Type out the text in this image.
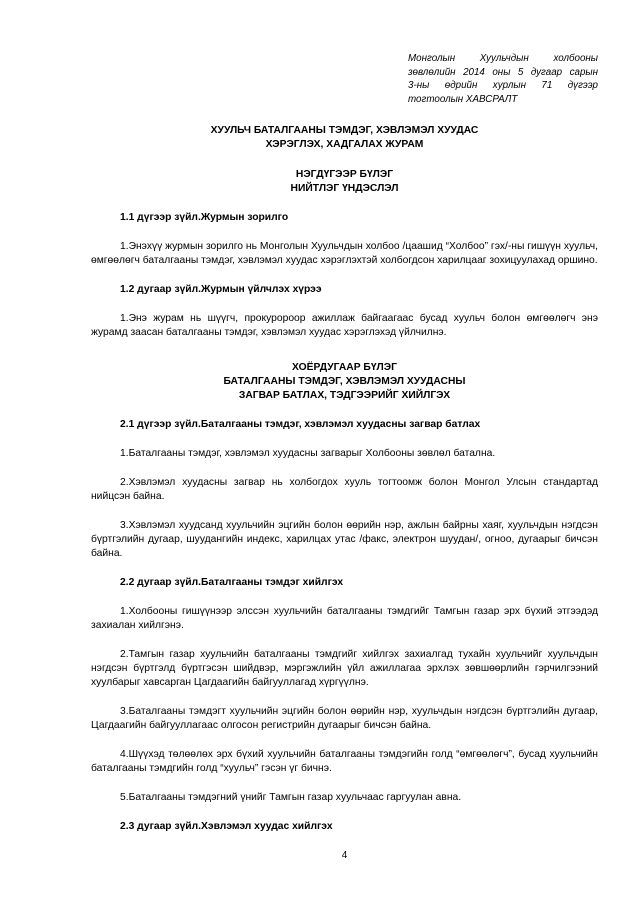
Монголын Хуульчдын холбооны
зөвлөлийн 2014 оны 5 дугаар сарын
3-ны өдрийн хурлын 71 дүгээр
тогтоолын ХАВСРАЛТ
ХУУЛЬЧ БАТАЛГААНЫ ТЭМДЭГ, ХЭВЛЭМЭЛ ХУУДАС
ХЭРЭГЛЭХ, ХАДГАЛАХ ЖУРАМ
НЭГДҮГЭЭР БҮЛЭГ
НИЙТЛЭГ ҮНДЭСЛЭЛ
1.1 дүгээр зүйл.Журмын зорилго
1.Энэхүү журмын зорилго нь Монголын Хуульчдын холбоо /цаашид “Холбоо” гэх/-ны гишүүн хуульч, өмгөөлөгч баталгааны тэмдэг, хэвлэмэл хуудас хэрэглэхтэй холбогдсон харилцааг зохицуулахад оршино.
1.2 дугаар зүйл.Журмын үйлчлэх хүрээ
1.Энэ журам нь шүүгч, прокуророор ажиллаж байгаагаас бусад хуульч болон өмгөөлөгч энэ журамд заасан баталгааны тэмдэг, хэвлэмэл хуудас хэрэглэхэд үйлчилнэ.
ХОЁРДУГААР БҮЛЭГ
БАТАЛГААНЫ ТЭМДЭГ, ХЭВЛЭМЭЛ ХУУДАСНЫ
ЗАГВАР БАТЛАХ, ТЭДГЭЭРИЙГ ХИЙЛГЭХ
2.1 дүгээр зүйл.Баталгааны тэмдэг, хэвлэмэл хуудасны загвар батлах
1.Баталгааны тэмдэг, хэвлэмэл хуудасны загварыг Холбооны зөвлөл батална.
2.Хэвлэмэл хуудасны загвар нь холбогдох хууль тогтоомж болон Монгол Улсын стандартад нийцсэн байна.
3.Хэвлэмэл хуудсанд хуульчийн эцгийн болон өөрийн нэр, ажлын байрны хаяг, хуульчдын нэгдсэн бүртгэлийн дугаар, шуудангийн индекс, харилцах утас /факс, электрон шуудан/, огноо, дугаарыг бичсэн байна.
2.2 дугаар зүйл.Баталгааны тэмдэг хийлгэх
1.Холбооны гишүүнээр элссэн хуульчийн баталгааны тэмдгийг Тамгын газар эрх бүхий этгээдэд захиалан хийлгэнэ.
2.Тамгын газар хуульчийн баталгааны тэмдгийг хийлгэх захиалгад тухайн хуульчийг хуульчдын нэгдсэн бүртгэлд бүртгэсэн шийдвэр, мэргэжлийн үйл ажиллагаа эрхлэх зөвшөөрлийн гэрчилгээний хуулбарыг хавсарган Цагдаагийн байгууллагад хүргүүлнэ.
3.Баталгааны тэмдэгт хуульчийн эцгийн болон өөрийн нэр, хуульчдын нэгдсэн бүртгэлийн дугаар, Цагдаагийн байгууллагаас олгосон регистрийн дугаарыг бичсэн байна.
4.Шүүхэд төлөөлөх эрх бүхий хуульчийн баталгааны тэмдэгийн голд “өмгөөлөгч”, бусад хуульчийн баталгааны тэмдгийн голд “хуульч” гэсэн үг бичнэ.
5.Баталгааны тэмдэгний үнийг Тамгын газар хуульчаас гаргуулан авна.
2.3 дугаар зүйл.Хэвлэмэл хуудас хийлгэх
4
